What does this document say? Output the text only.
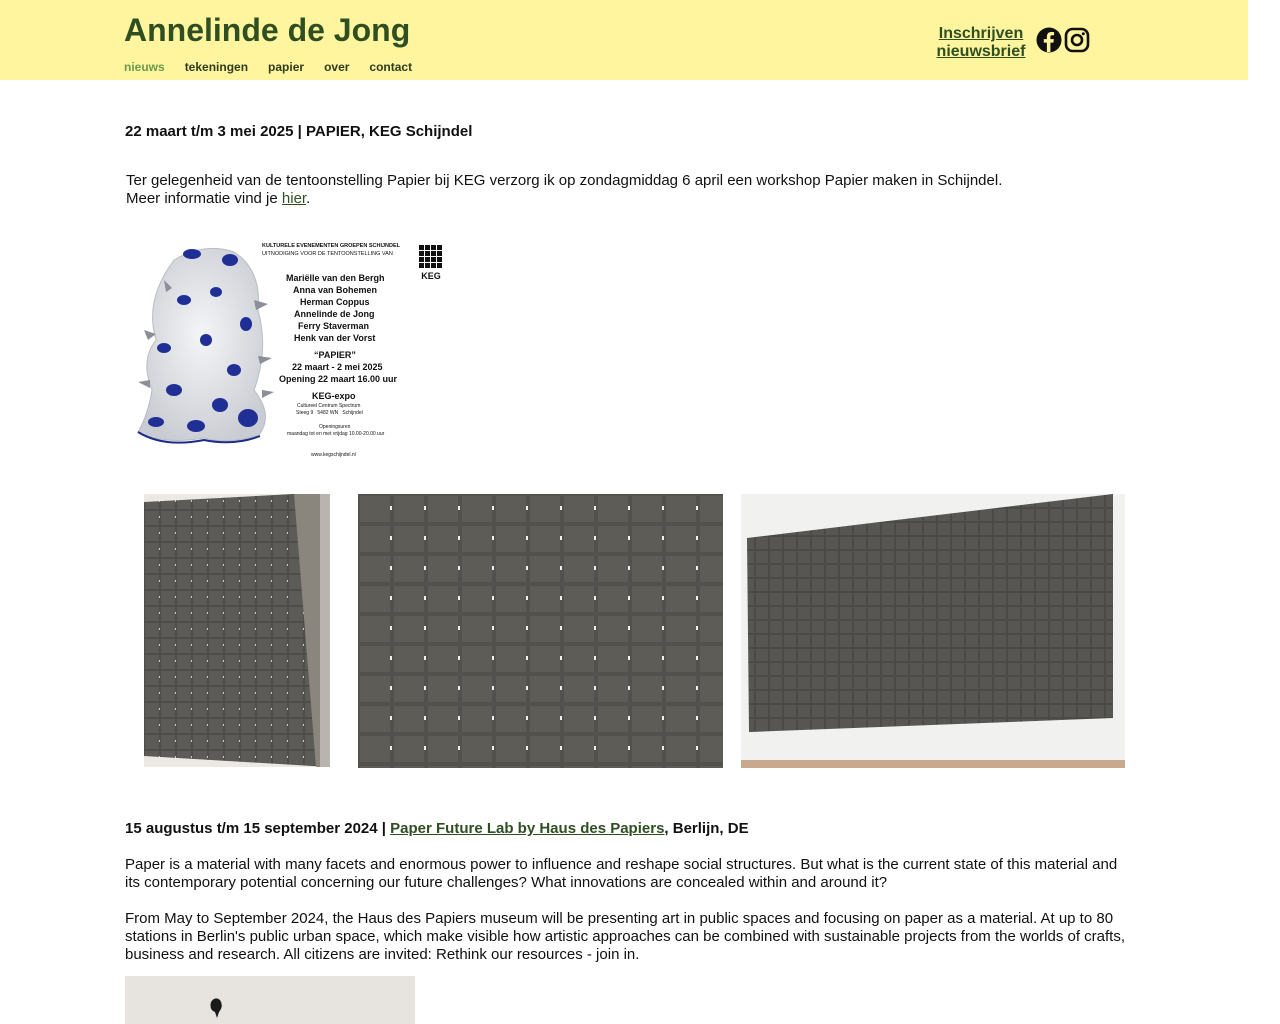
Annelinde de Jong
nieuws tekeningen papier over contact
Inschrijven
nieuwsbrief
22 maart t/m 3 mei 2025 | PAPIER, KEG Schijndel

Ter gelegenheid van de tentoonstelling Papier bij KEG verzorg ik op zondagmiddag 6 april een workshop Papier maken in Schijndel.
Meer informatie vind je hier.

KULTURELE EVENEMENTEN GROEPEN SCHIJNDEL
UITNODIGING VOOR DE TENTOONSTELLING VAN
Mariëlle van den Bergh
Anna van Bohemen
Herman Coppus
Annelinde de Jong
Ferry Staverman
Henk van der Vorst
“PAPIER”
22 maart - 2 mei 2025
Opening 22 maart 16.00 uur
KEG-expo
Cultureel Centrum Spectrum
Steeg 9   5482 WN   Schijndel
Openingsuren
maandag tot en met vrijdag 10.00-20.00 uur
www.kegschijndel.nl
KEG
15 augustus t/m 15 september 2024 | Paper Future Lab by Haus des Papiers, Berlijn, DE

Paper is a material with many facets and enormous power to influence and reshape social structures. But what is the current state of this material and its contemporary potential concerning our future challenges? What innovations are concealed within and around it?

From May to September 2024, the Haus des Papiers museum will be presenting art in public spaces and focusing on paper as a material. At up to 80 stations in Berlin's public urban space, which make visible how artistic approaches can be combined with sustainable projects from the worlds of crafts, business and research. All citizens are invited: Rethink our resources - join in.
